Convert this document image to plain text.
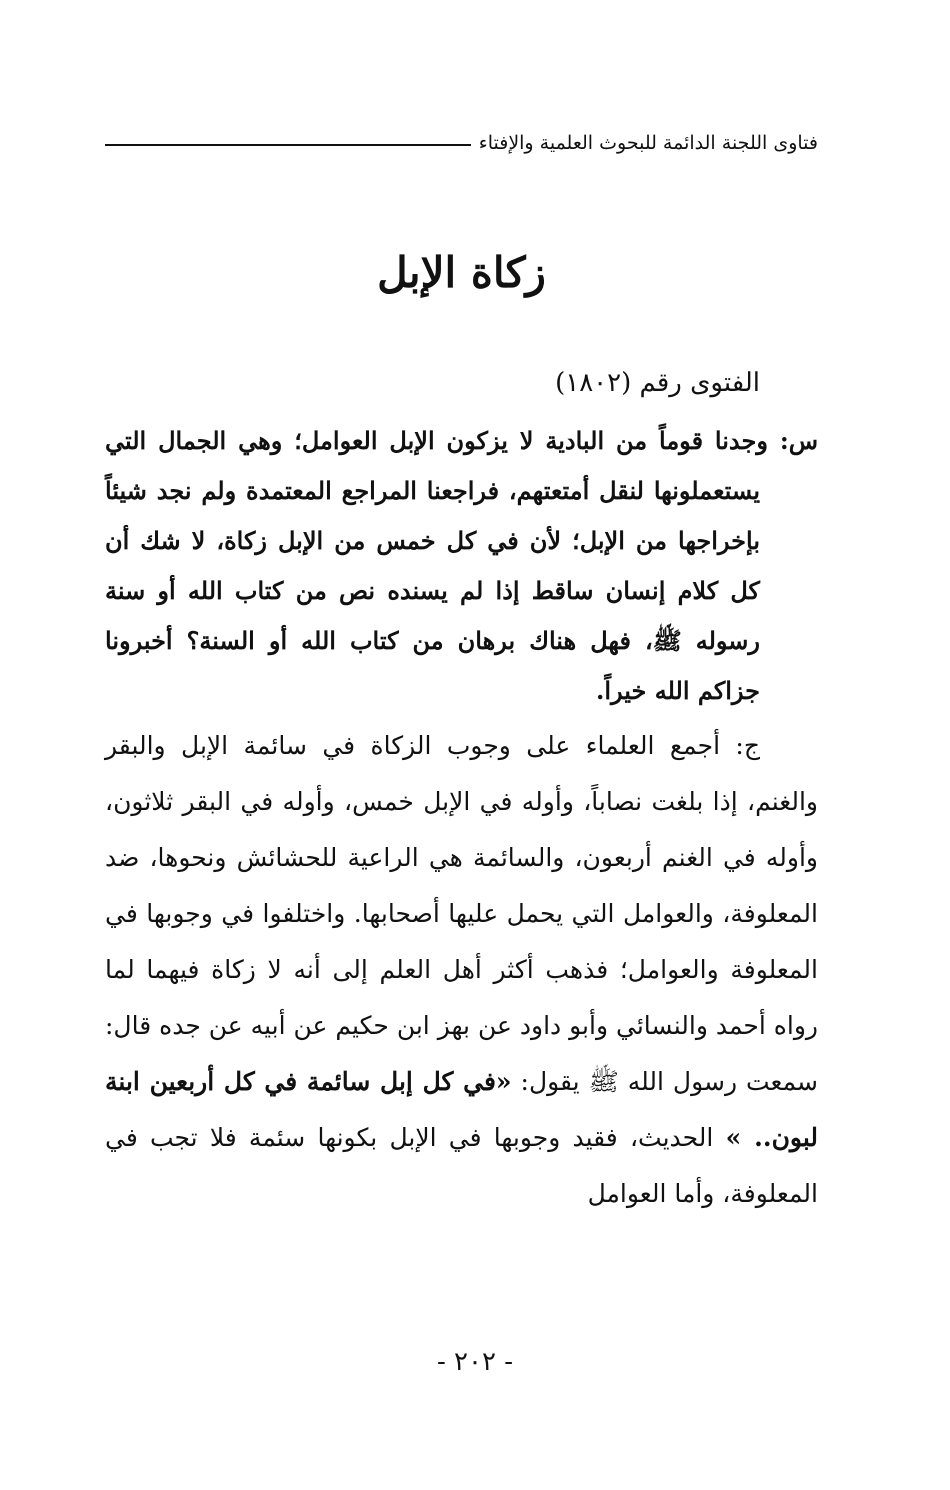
فتاوى اللجنة الدائمة للبحوث العلمية والإفتاء
زكاة الإبل
الفتوى رقم (١٨٠٢)

س: وجدنا قوماً من البادية لا يزكون الإبل العوامل؛ وهي الجمال التي يستعملونها لنقل أمتعتهم، فراجعنا المراجع المعتمدة ولم نجد شيئاً بإخراجها من الإبل؛ لأن في كل خمس من الإبل زكاة، لا شك أن كل كلام إنسان ساقط إذا لم يسنده نص من كتاب الله أو سنة رسوله ﷺ، فهل هناك برهان من كتاب الله أو السنة؟ أخبرونا جزاكم الله خيراً.

ج: أجمع العلماء على وجوب الزكاة في سائمة الإبل والبقر والغنم، إذا بلغت نصاباً، وأوله في الإبل خمس، وأوله في البقر ثلاثون، وأوله في الغنم أربعون، والسائمة هي الراعية للحشائش ونحوها، ضد المعلوفة، والعوامل التي يحمل عليها أصحابها. واختلفوا في وجوبها في المعلوفة والعوامل؛ فذهب أكثر أهل العلم إلى أنه لا زكاة فيهما لما رواه أحمد والنسائي وأبو داود عن بهز ابن حكيم عن أبيه عن جده قال: سمعت رسول الله ﷺ يقول: «في كل إبل سائمة في كل أربعين ابنة لبون.. » الحديث، فقيد وجوبها في الإبل بكونها سئمة فلا تجب في المعلوفة، وأما العوامل

- ٢٠٢ -
